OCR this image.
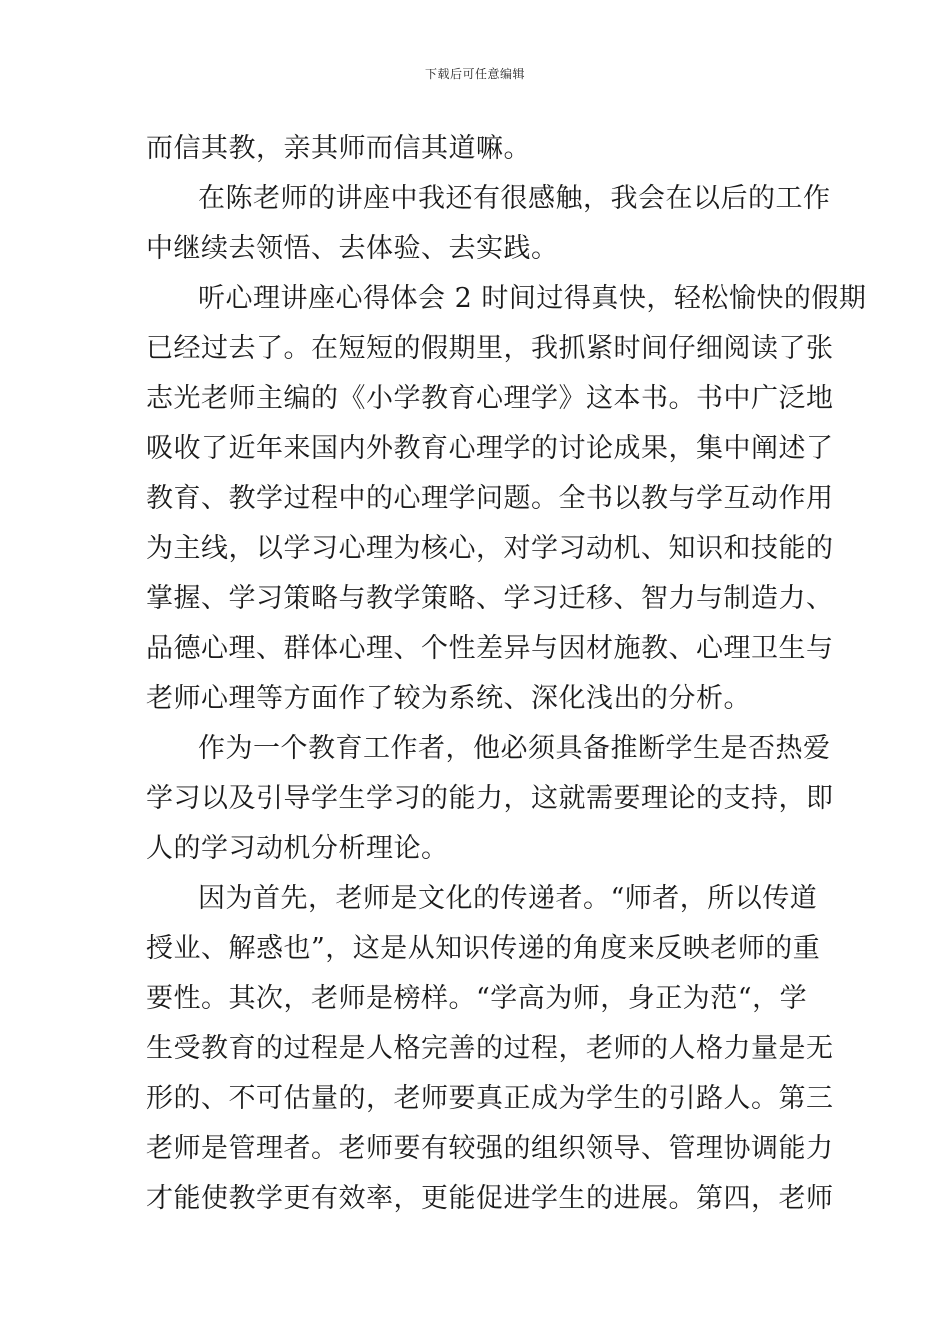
下载后可任意编辑
而信其教，亲其师而信其道嘛。
在陈老师的讲座中我还有很感触，我会在以后的工作
中继续去领悟、去体验、去实践。
听心理讲座心得体会 2 时间过得真快，轻松愉快的假期
已经过去了。在短短的假期里，我抓紧时间仔细阅读了张
志光老师主编的《小学教育心理学》这本书。书中广泛地
吸收了近年来国内外教育心理学的讨论成果，集中阐述了
教育、教学过程中的心理学问题。全书以教与学互动作用
为主线，以学习心理为核心，对学习动机、知识和技能的
掌握、学习策略与教学策略、学习迁移、智力与制造力、
品德心理、群体心理、个性差异与因材施教、心理卫生与
老师心理等方面作了较为系统、深化浅出的分析。
作为一个教育工作者，他必须具备推断学生是否热爱
学习以及引导学生学习的能力，这就需要理论的支持，即
人的学习动机分析理论。
因为首先，老师是文化的传递者。“师者，所以传道
授业、解惑也”，这是从知识传递的角度来反映老师的重
要性。其次，老师是榜样。“学高为师，身正为范“，学
生受教育的过程是人格完善的过程，老师的人格力量是无
形的、不可估量的，老师要真正成为学生的引路人。第三
老师是管理者。老师要有较强的组织领导、管理协调能力
才能使教学更有效率，更能促进学生的进展。第四，老师
